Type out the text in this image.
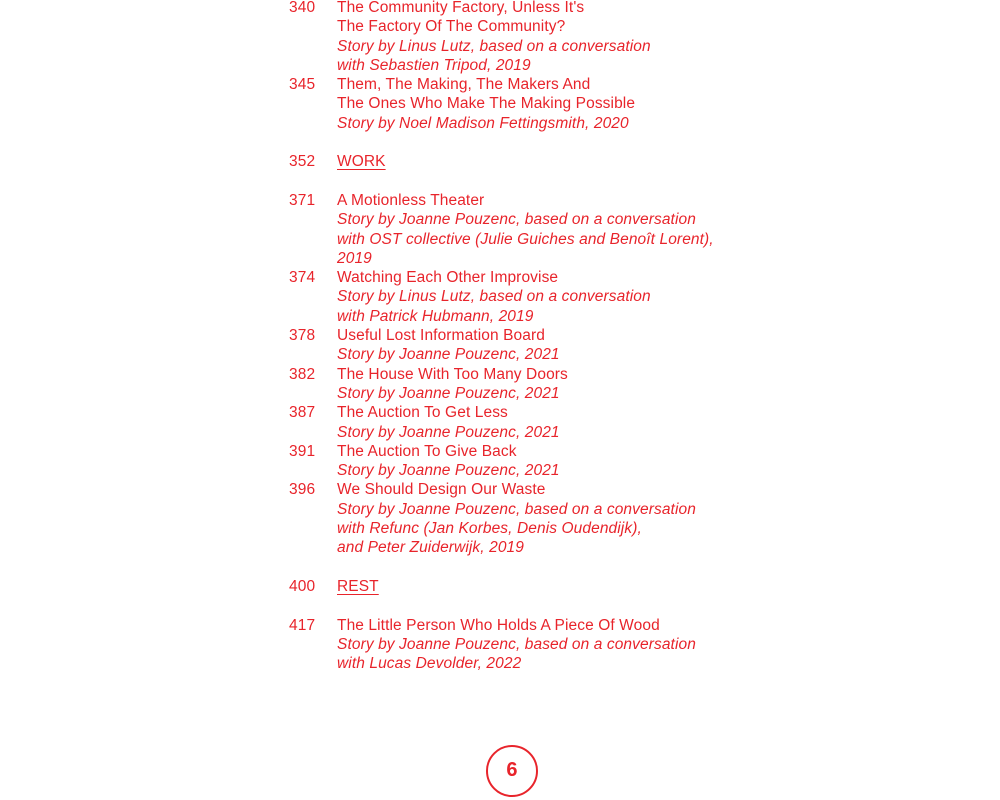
340	The Community Factory, Unless It's
The Factory Of The Community?
Story by Linus Lutz, based on a conversation
with Sebastien Tripod, 2019
345	Them, The Making, The Makers And
The Ones Who Make The Making Possible
Story by Noel Madison Fettingsmith, 2020
352	WORK
371	A Motionless Theater
Story by Joanne Pouzenc, based on a conversation
with OST collective (Julie Guiches and Benoît Lorent),
2019
374	Watching Each Other Improvise
Story by Linus Lutz, based on a conversation
with Patrick Hubmann, 2019
378	Useful Lost Information Board
Story by Joanne Pouzenc, 2021
382	The House With Too Many Doors
Story by Joanne Pouzenc, 2021
387	The Auction To Get Less
Story by Joanne Pouzenc, 2021
391	The Auction To Give Back
Story by Joanne Pouzenc, 2021
396	We Should Design Our Waste
Story by Joanne Pouzenc, based on a conversation
with Refunc (Jan Korbes, Denis Oudendijk),
and Peter Zuiderwijk, 2019
400	REST
417	The Little Person Who Holds A Piece Of Wood
Story by Joanne Pouzenc, based on a conversation
with Lucas Devolder, 2022
6
